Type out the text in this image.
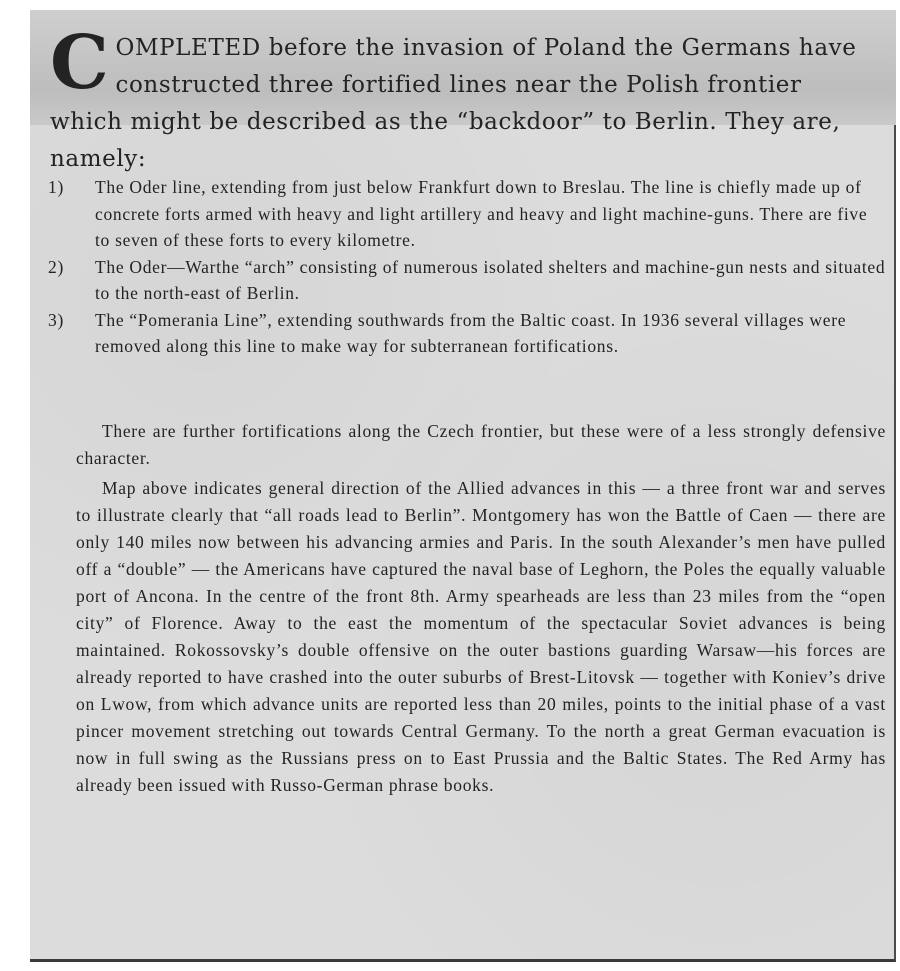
COMPLETED before the invasion of Poland the Germans have constructed three fortified lines near the Polish frontier which might be described as the “backdoor” to Berlin. They are, namely:

1) The Oder line, extending from just below Frankfurt down to Breslau. The line is chiefly made up of concrete forts armed with heavy and light artillery and heavy and light machine-guns. There are five to seven of these forts to every kilometre.

2) The Oder—Warthe “arch” consisting of numerous isolated shelters and machine-gun nests and situated to the north-east of Berlin.

3) The “Pomerania Line”, extending southwards from the Baltic coast. In 1936 several villages were removed along this line to make way for subterranean fortifications.

There are further fortifications along the Czech frontier, but these were of a less strongly defensive character.

Map above indicates general direction of the Allied advances in this — a three front war and serves to illustrate clearly that “all roads lead to Berlin”. Montgomery has won the Battle of Caen — there are only 140 miles now between his advancing armies and Paris. In the south Alexander’s men have pulled off a “double” — the Americans have captured the naval base of Leghorn, the Poles the equally valuable port of Ancona. In the centre of the front 8th. Army spearheads are less than 23 miles from the “open city” of Florence. Away to the east the momentum of the spectacular Soviet advances is being maintained. Rokossovsky’s double offensive on the outer bastions guarding Warsaw—his forces are already reported to have crashed into the outer suburbs of Brest-Litovsk — together with Koniev’s drive on Lwow, from which advance units are reported less than 20 miles, points to the initial phase of a vast pincer movement stretching out towards Central Germany. To the north a great German evacuation is now in full swing as the Russians press on to East Prussia and the Baltic States. The Red Army has already been issued with Russo-German phrase books.
